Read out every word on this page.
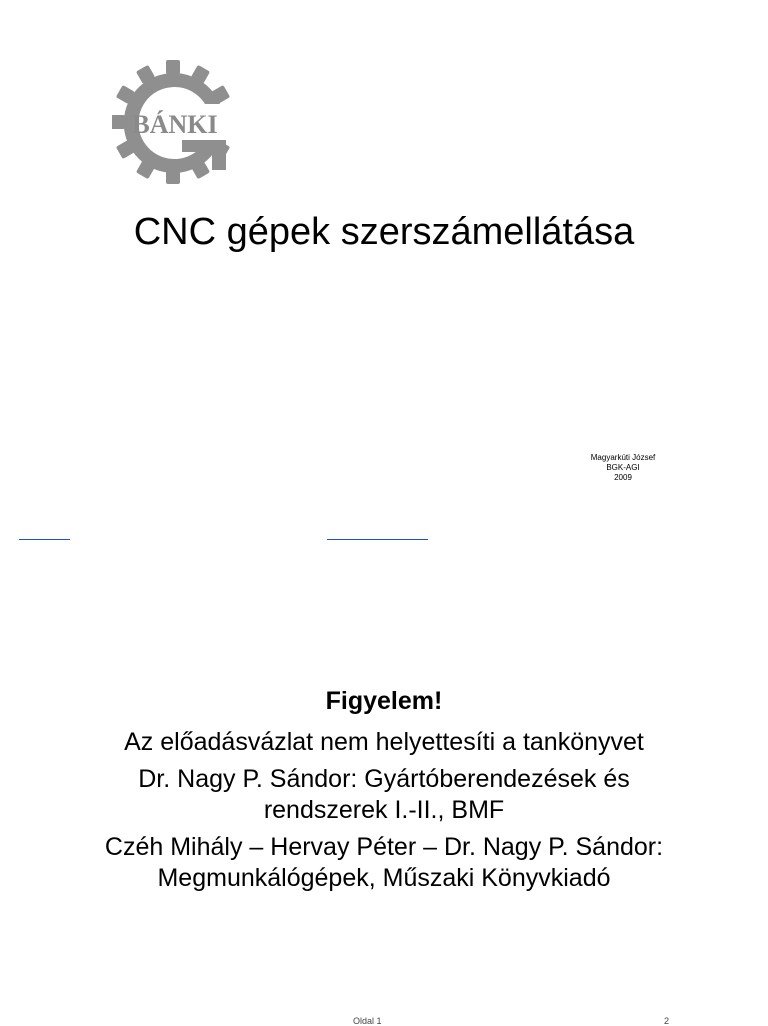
BÁNKI
CNC gépek szerszámellátása
Magyarkúti József
BGK-AGI
2009
Figyelem!
Az előadásvázlat nem helyettesíti a tankönyvet
Dr. Nagy P. Sándor: Gyártóberendezések és rendszerek I.-II., BMF
Czéh Mihály – Hervay Péter – Dr. Nagy P. Sándor: Megmunkálógépek, Műszaki Könyvkiadó
Oldal 1	2
